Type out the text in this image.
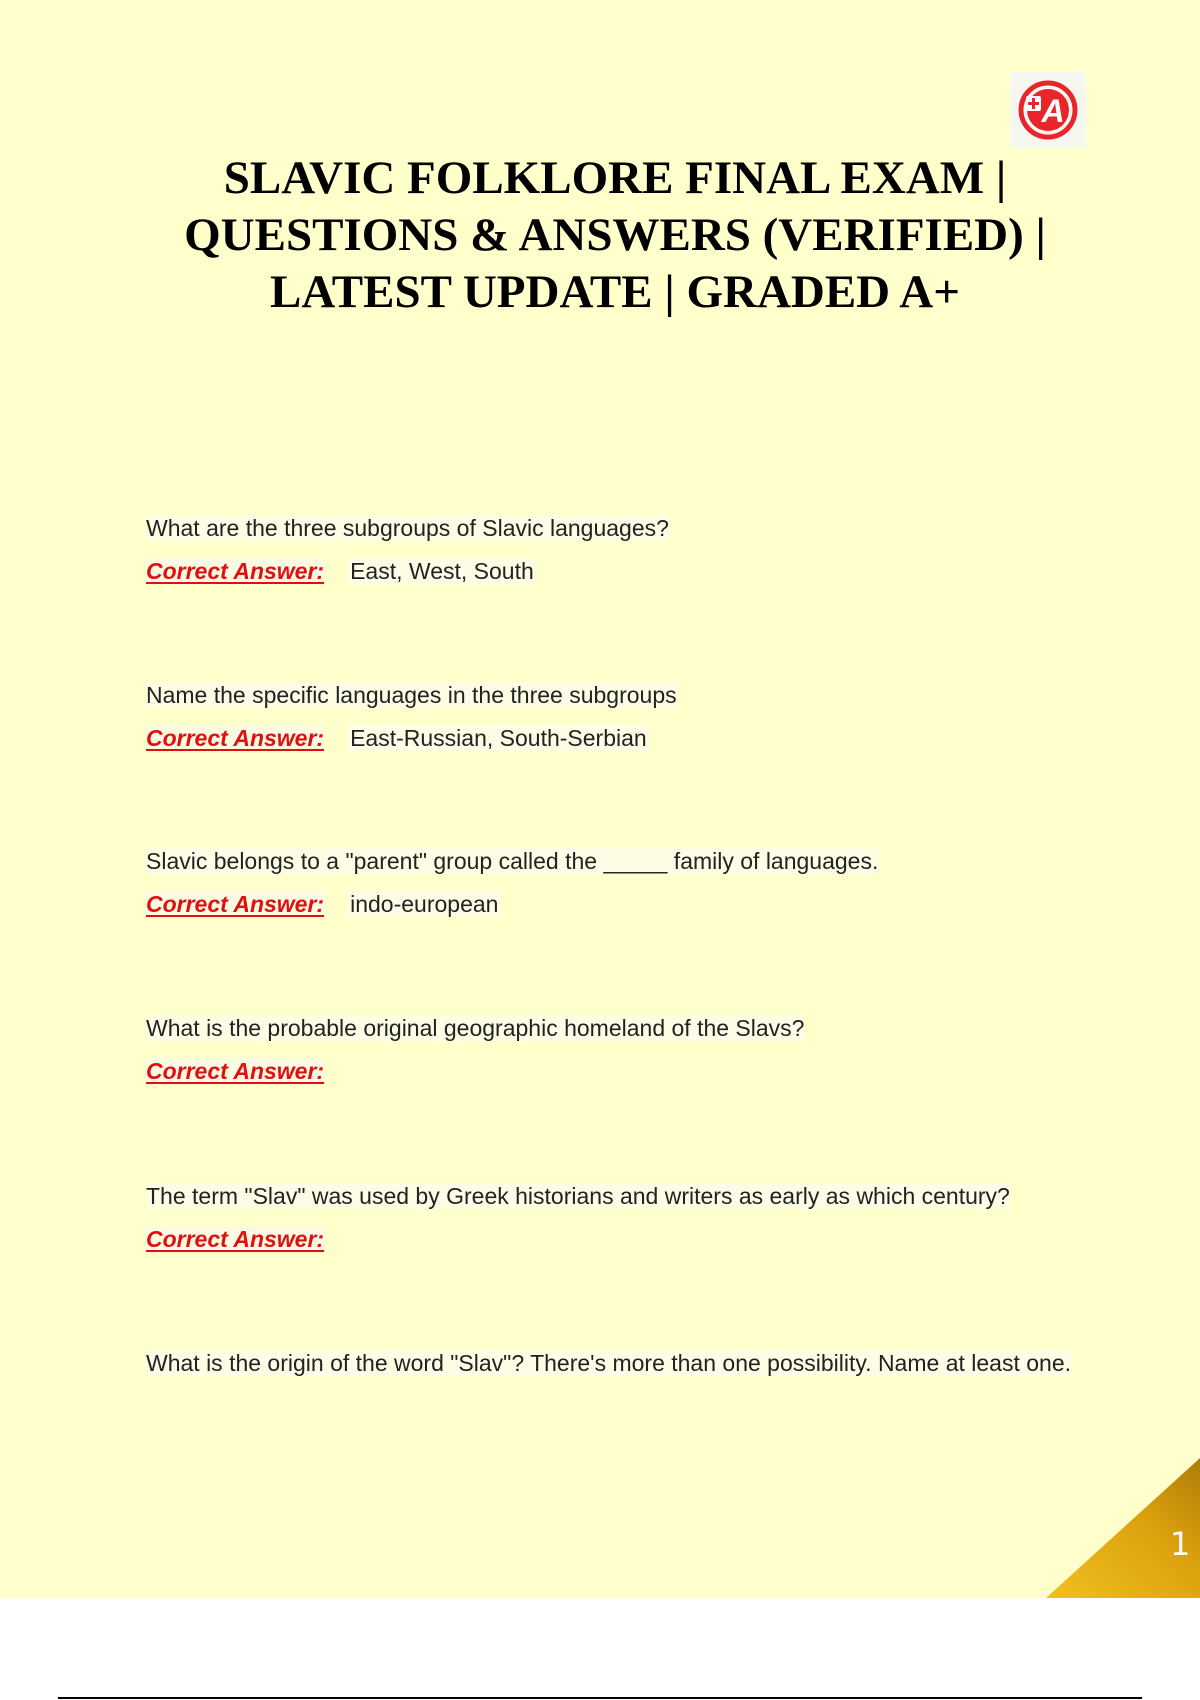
A
SLAVIC FOLKLORE FINAL EXAM |
QUESTIONS & ANSWERS (VERIFIED) |
LATEST UPDATE | GRADED A+

What are the three subgroups of Slavic languages?

Correct Answer: East, West, South

Name the specific languages in the three subgroups

Correct Answer: East-Russian, South-Serbian

Slavic belongs to a "parent" group called the _____ family of languages.

Correct Answer: indo-european

What is the probable original geographic homeland of the Slavs?

Correct Answer:

The term "Slav" was used by Greek historians and writers as early as which century?

Correct Answer:

What is the origin of the word "Slav"? There's more than one possibility. Name at least one.

1
